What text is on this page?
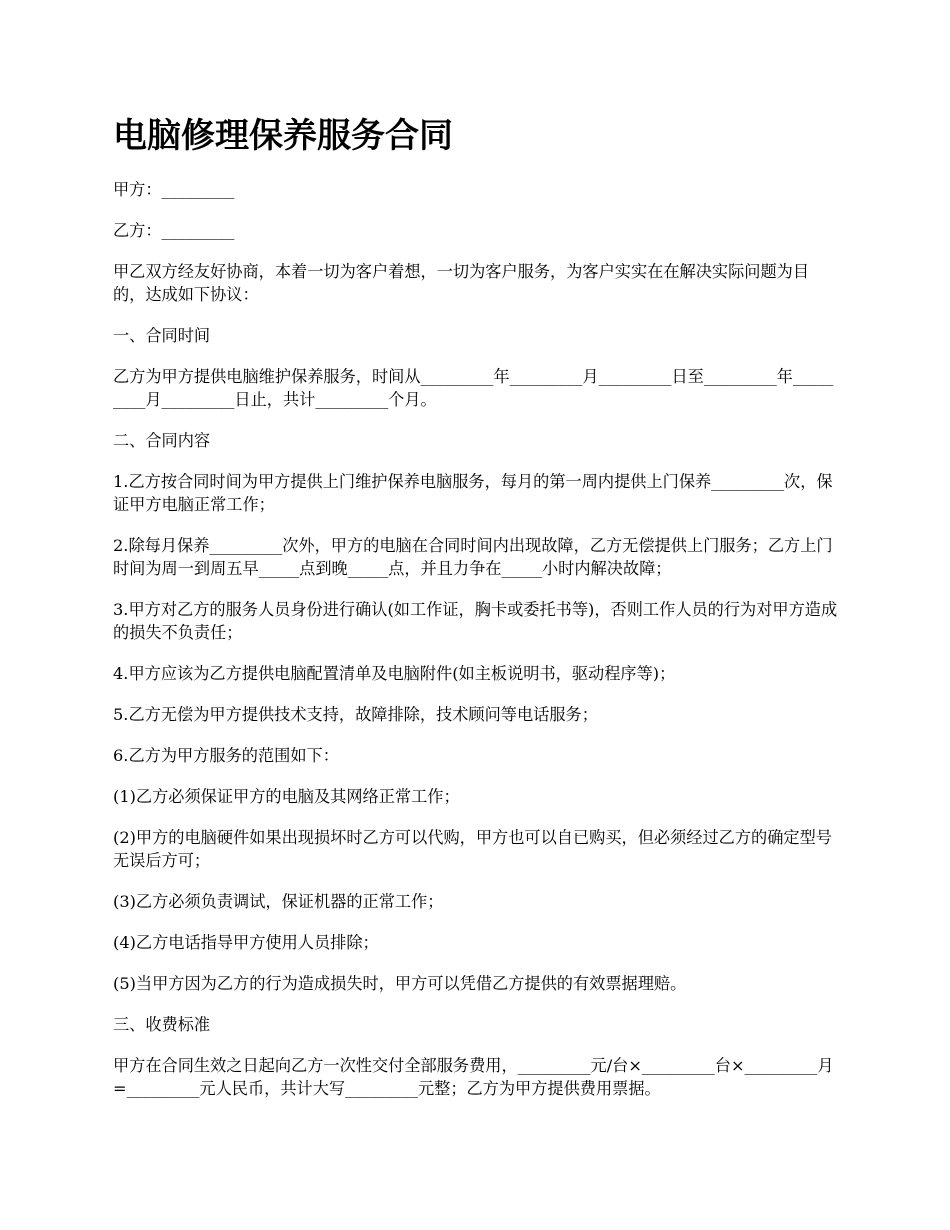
电脑修理保养服务合同

甲方：_________

乙方：_________

甲乙双方经友好协商，本着一切为客户着想，一切为客户服务，为客户实实在在解决实际问题为目的，达成如下协议：

一、合同时间

乙方为甲方提供电脑维护保养服务，时间从_________年_________月_________日至_________年_________月_________日止，共计_________个月。

二、合同内容

1.乙方按合同时间为甲方提供上门维护保养电脑服务，每月的第一周内提供上门保养_________次，保证甲方电脑正常工作；

2.除每月保养_________次外，甲方的电脑在合同时间内出现故障，乙方无偿提供上门服务；乙方上门时间为周一到周五早_____点到晚_____点，并且力争在_____小时内解决故障；

3.甲方对乙方的服务人员身份进行确认(如工作证，胸卡或委托书等)，否则工作人员的行为对甲方造成的损失不负责任；

4.甲方应该为乙方提供电脑配置清单及电脑附件(如主板说明书，驱动程序等)；

5.乙方无偿为甲方提供技术支持，故障排除，技术顾问等电话服务；

6.乙方为甲方服务的范围如下：

(1)乙方必须保证甲方的电脑及其网络正常工作；

(2)甲方的电脑硬件如果出现损坏时乙方可以代购，甲方也可以自已购买，但必须经过乙方的确定型号无误后方可；

(3)乙方必须负责调试，保证机器的正常工作；

(4)乙方电话指导甲方使用人员排除；

(5)当甲方因为乙方的行为造成损失时，甲方可以凭借乙方提供的有效票据理赔。

三、收费标准

甲方在合同生效之日起向乙方一次性交付全部服务费用，_________元/台×_________台×_________月=_________元人民币，共计大写_________元整；乙方为甲方提供费用票据。
